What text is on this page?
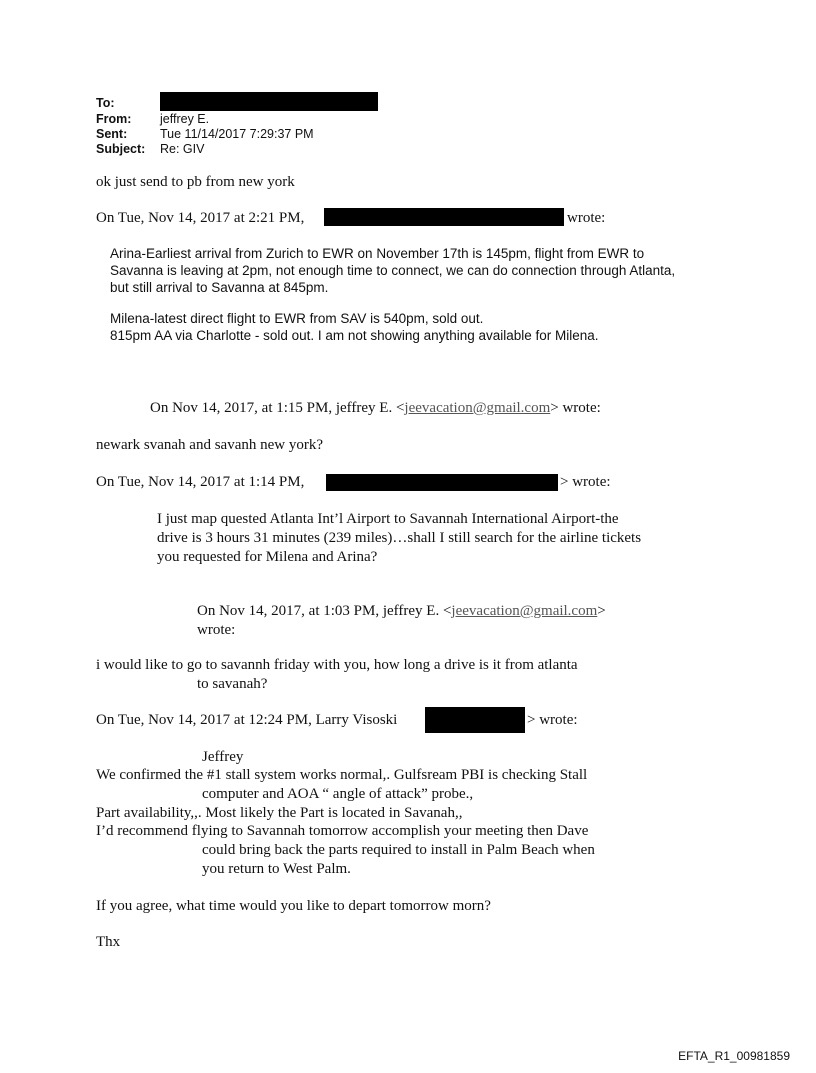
To:
From: jeffrey E.
Sent:	Tue 11/14/2017 7:29:37 PM
Subject: Re: GIV
ok just send to pb from new york
On Tue, Nov 14, 2017 at 2:21 PM,	wrote:
Arina-Earliest arrival from Zurich to EWR on November 17th is 145pm, flight from EWR to
Savanna is leaving at 2pm, not enough time to connect, we can do connection through Atlanta,
but still arrival to Savanna at 845pm.
Milena-latest direct flight to EWR from SAV is 540pm, sold out.
815pm AA via Charlotte - sold out. I am not showing anything available for Milena.
On Nov 14, 2017, at 1:15 PM, jeffrey E. <jeevacation@gmail.com> wrote:
newark svanah and savanh new york?
On Tue, Nov 14, 2017 at 1:14 PM,	> wrote:
I just map quested Atlanta Int’l Airport to Savannah International Airport-the
drive is 3 hours 31 minutes (239 miles)…shall I still search for the airline tickets
you requested for Milena and Arina?
On Nov 14, 2017, at 1:03 PM, jeffrey E. <jeevacation@gmail.com>
wrote:
i would like to go to savannh friday with you, how long a drive is it from atlanta
to savanah?
On Tue, Nov 14, 2017 at 12:24 PM, Larry Visoski	> wrote:
Jeffrey
We confirmed the #1 stall system works normal,. Gulfsream PBI is checking Stall
computer and AOA “ angle of attack” probe.,
Part availability,,. Most likely the Part is located in Savanah,,
I’d recommend flying to Savannah tomorrow accomplish your meeting then Dave
could bring back the parts required to install in Palm Beach when
you return to West Palm.
If you agree, what time would you like to depart tomorrow morn?
Thx
EFTA_R1_00981859
